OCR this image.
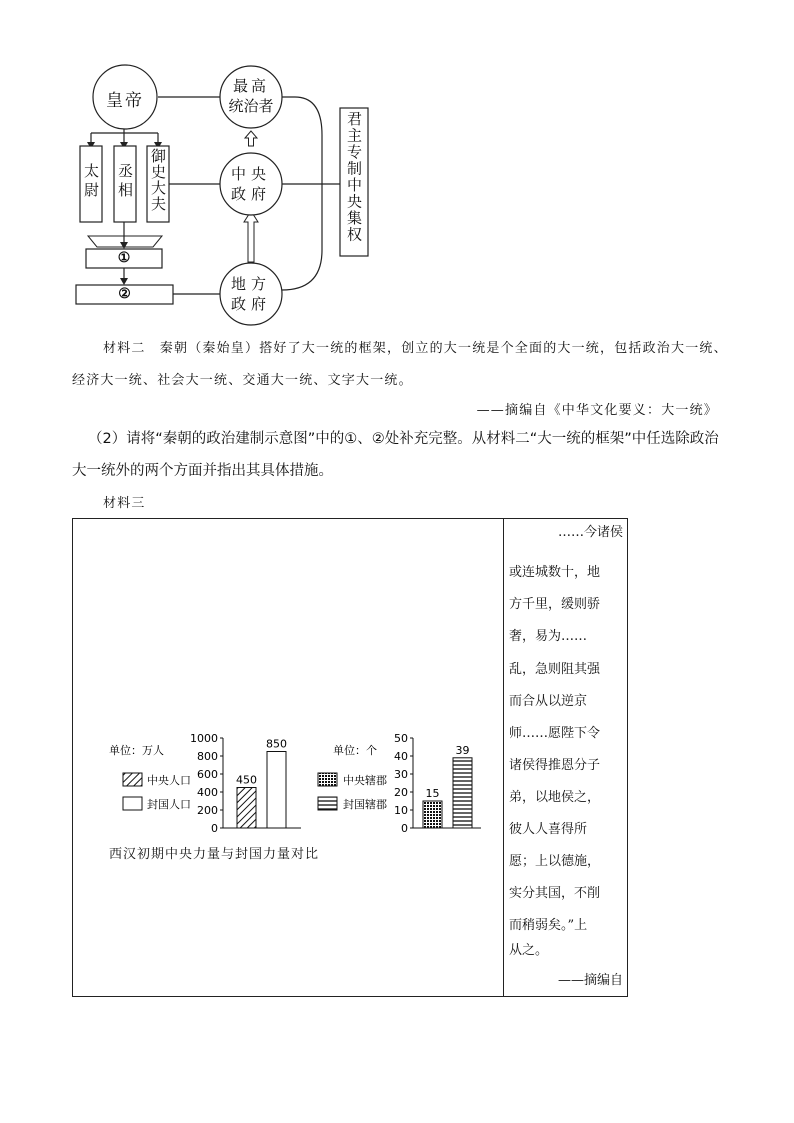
皇帝
最高
统治者
中央
政府
地方
政府
太尉 丞相 御史大夫	君主专制中央集权
①
②
材料二　秦朝（秦始皇）搭好了大一统的框架，创立的大一统是个全面的大一统，包括政治大一统、
经济大一统、社会大一统、交通大一统、文字大一统。
——摘编自《中华文化要义：大一统》
（2）请将“秦朝的政治建制示意图”中的①、②处补充完整。从材料二“大一统的框架”中任选除政治
大一统外的两个方面并指出其具体措施。
材料三
……今诸侯
或连城数十，地
方千里，缓则骄
奢，易为……
乱，急则阻其强
而合从以逆京
师……愿陛下令
诸侯得推恩分子
弟，以地侯之，
彼人人喜得所
愿；上以德施，
实分其国，不削
而稍弱矣。”上
从之。
——摘编自
单位：万人
中央人口
封国人口
1000
800
600
400
200
0
450
850	单位：个
中央辖郡
封国辖郡
50
40
30
20
10
0
15
39
西汉初期中央力量与封国力量对比
